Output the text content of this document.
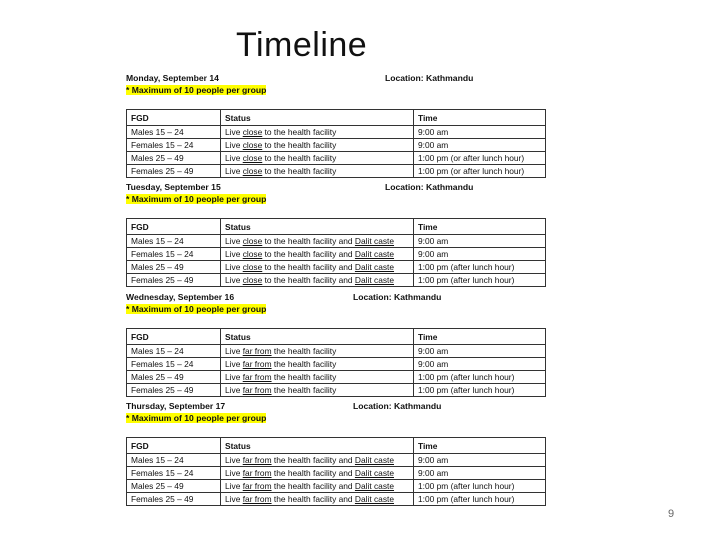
Timeline
Monday, September 14	Location: Kathmandu
* Maximum of 10 people per group
FGD	Status	Time
Males 15 – 24	Live close to the health facility	9:00 am
Females 15 – 24	Live close to the health facility	9:00 am
Males 25 – 49	Live close to the health facility	1:00 pm (or after lunch hour)
Females 25 – 49	Live close to the health facility	1:00 pm (or after lunch hour)
Tuesday, September 15	Location: Kathmandu
* Maximum of 10 people per group
FGD	Status	Time
Males 15 – 24	Live close to the health facility and Dalit caste	9:00 am
Females 15 – 24	Live close to the health facility and Dalit caste	9:00 am
Males 25 – 49	Live close to the health facility and Dalit caste	1:00 pm (after lunch hour)
Females 25 – 49	Live close to the health facility and Dalit caste	1:00 pm (after lunch hour)
Wednesday, September 16	Location: Kathmandu
* Maximum of 10 people per group
FGD	Status	Time
Males 15 – 24	Live far from the health facility	9:00 am
Females 15 – 24	Live far from the health facility	9:00 am
Males 25 – 49	Live far from the health facility	1:00 pm (after lunch hour)
Females 25 – 49	Live far from the health facility	1:00 pm (after lunch hour)
Thursday, September 17	Location: Kathmandu
* Maximum of 10 people per group
FGD	Status	Time
Males 15 – 24	Live far from the health facility and Dalit caste	9:00 am
Females 15 – 24	Live far from the health facility and Dalit caste	9:00 am
Males 25 – 49	Live far from the health facility and Dalit caste	1:00 pm (after lunch hour)
Females 25 – 49	Live far from the health facility and Dalit caste	1:00 pm (after lunch hour)
9
